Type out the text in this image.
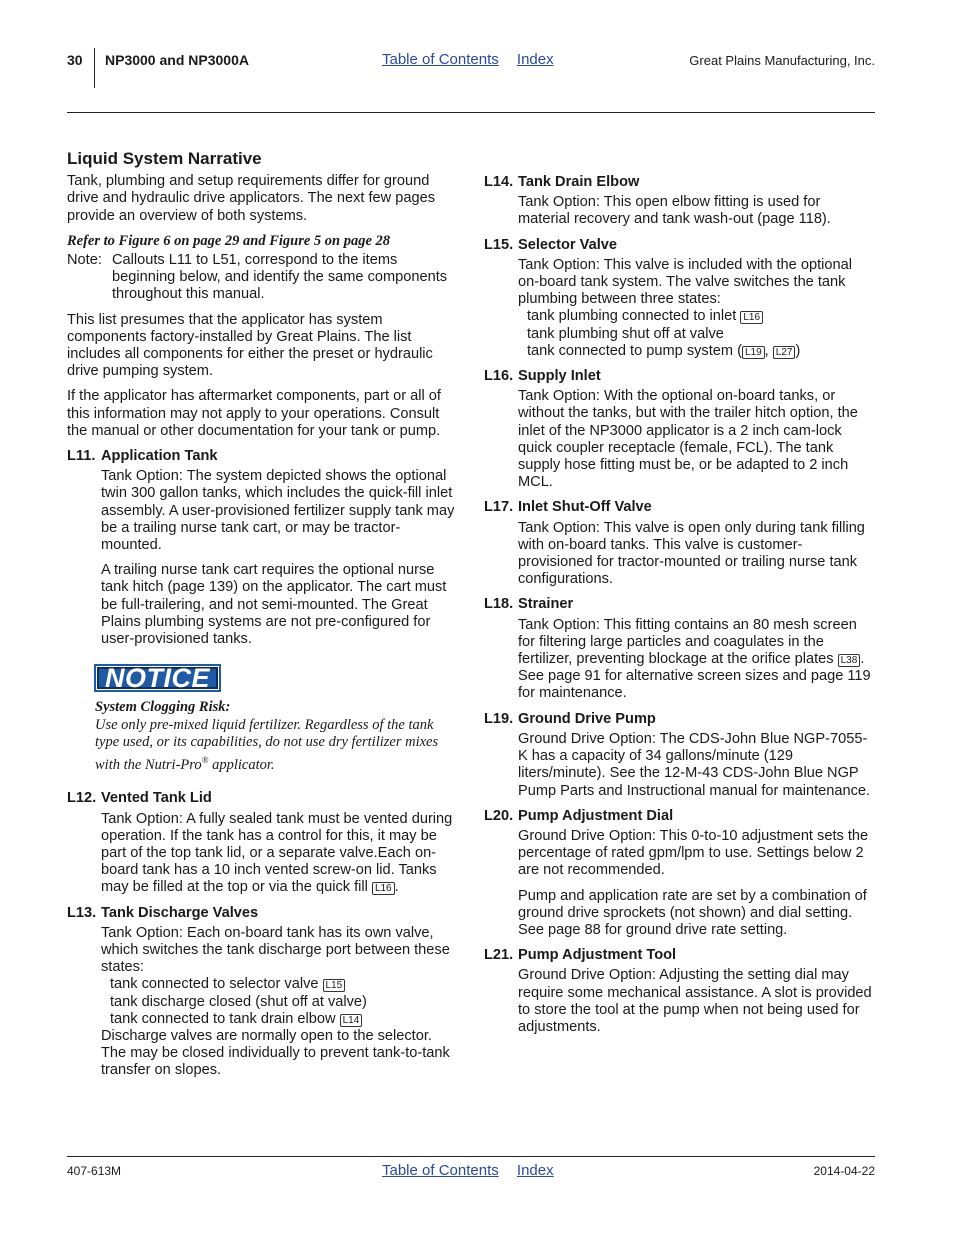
30 NP3000 and NP3000A	Table of Contents Index	Great Plains Manufacturing, Inc.
Liquid System Narrative

Tank, plumbing and setup requirements differ for ground drive and hydraulic drive applicators. The next few pages provide an overview of both systems.

Refer to Figure 6 on page 29 and Figure 5 on page 28

Note: Callouts L11 to L51, correspond to the items beginning below, and identify the same components throughout this manual.

This list presumes that the applicator has system components factory-installed by Great Plains. The list includes all components for either the preset or hydraulic drive pumping system.

If the applicator has aftermarket components, part or all of this information may not apply to your operations. Consult the manual or other documentation for your tank or pump.

L11. Application Tank

Tank Option: The system depicted shows the optional twin 300 gallon tanks, which includes the quick-fill inlet assembly. A user-provisioned fertilizer supply tank may be a trailing nurse tank cart, or may be tractor-mounted.

A trailing nurse tank cart requires the optional nurse tank hitch (page 139) on the applicator. The cart must be full-trailering, and not semi-mounted. The Great Plains plumbing systems are not pre-configured for user-provisioned tanks.

NOTICE
System Clogging Risk:
Use only pre-mixed liquid fertilizer. Regardless of the tank type used, or its capabilities, do not use dry fertilizer mixes with the Nutri-Pro® applicator.
L12. Vented Tank Lid

Tank Option: A fully sealed tank must be vented during operation. If the tank has a control for this, it may be part of the top tank lid, or a separate valve.Each on-board tank has a 10 inch vented screw-on lid. Tanks may be filled at the top or via the quick fill L16 .

L13. Tank Discharge Valves
Tank Option: Each on-board tank has its own valve, which switches the tank discharge port between these states:
tank connected to selector valve L15
tank discharge closed (shut off at valve)
tank connected to tank drain elbow L14
Discharge valves are normally open to the selector. The may be closed individually to prevent tank-to-tank transfer on slopes.
L14. Tank Drain Elbow

Tank Option: This open elbow fitting is used for material recovery and tank wash-out (page 118).

L15. Selector Valve
Tank Option: This valve is included with the optional on-board tank system. The valve switches the tank plumbing between three states:
tank plumbing connected to inlet L16
tank plumbing shut off at valve
tank connected to pump system ( L19 , L27 )
L16. Supply Inlet

Tank Option: With the optional on-board tanks, or without the tanks, but with the trailer hitch option, the inlet of the NP3000 applicator is a 2 inch cam-lock quick coupler receptacle (female, FCL). The tank supply hose fitting must be, or be adapted to 2 inch MCL.

L17. Inlet Shut-Off Valve

Tank Option: This valve is open only during tank filling with on-board tanks. This valve is customer-provisioned for tractor-mounted or trailing nurse tank configurations.

L18. Strainer

Tank Option: This fitting contains an 80 mesh screen for filtering large particles and coagulates in the fertilizer, preventing blockage at the orifice plates L38 . See page 91 for alternative screen sizes and page 119 for maintenance.

L19. Ground Drive Pump

Ground Drive Option: The CDS-John Blue NGP-7055-K has a capacity of 34 gallons/minute (129 liters/minute). See the 12-M-43 CDS-John Blue NGP Pump Parts and Instructional manual for maintenance.

L20. Pump Adjustment Dial

Ground Drive Option: This 0-to-10 adjustment sets the percentage of rated gpm/lpm to use. Settings below 2 are not recommended.

Pump and application rate are set by a combination of ground drive sprockets (not shown) and dial setting. See page 88 for ground drive rate setting.

L21. Pump Adjustment Tool

Ground Drive Option: Adjusting the setting dial may require some mechanical assistance. A slot is provided to store the tool at the pump when not being used for adjustments.

407-613M	Table of Contents Index	2014-04-22
